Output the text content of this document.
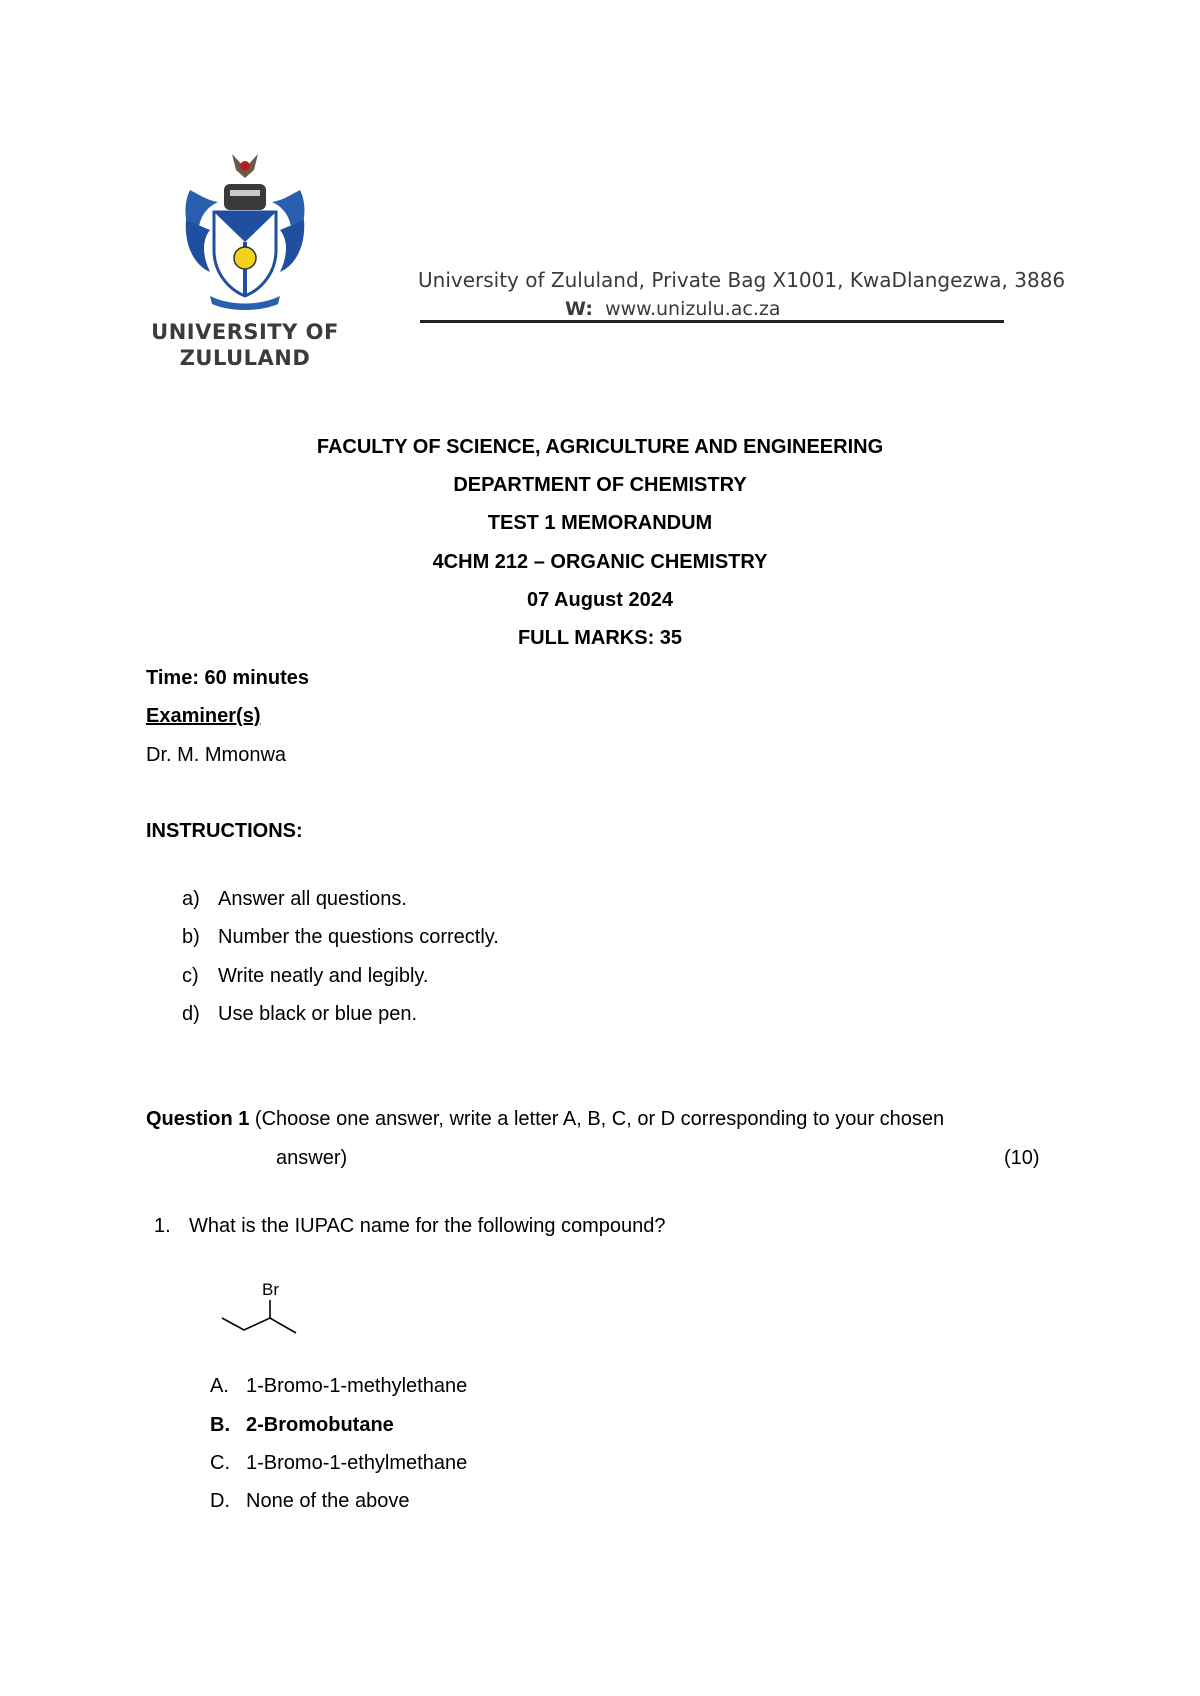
UNIVERSITY OF
ZULULAND
University of Zululand, Private Bag X1001, KwaDlangezwa, 3886
W: www.unizulu.ac.za
FACULTY OF SCIENCE, AGRICULTURE AND ENGINEERING
DEPARTMENT OF CHEMISTRY
TEST 1 MEMORANDUM
4CHM 212 – ORGANIC CHEMISTRY
07 August 2024
FULL MARKS: 35
Time: 60 minutes
Examiner(s)
Dr. M. Mmonwa
INSTRUCTIONS:
a) Answer all questions.
b) Number the questions correctly.
c) Write neatly and legibly.
d) Use black or blue pen.
Question 1 (Choose one answer, write a letter A, B, C, or D corresponding to your chosen
answer)	(10)
1. What is the IUPAC name for the following compound?
Br
A. 1-Bromo-1-methylethane
B. 2-Bromobutane
C. 1-Bromo-1-ethylmethane
D. None of the above
